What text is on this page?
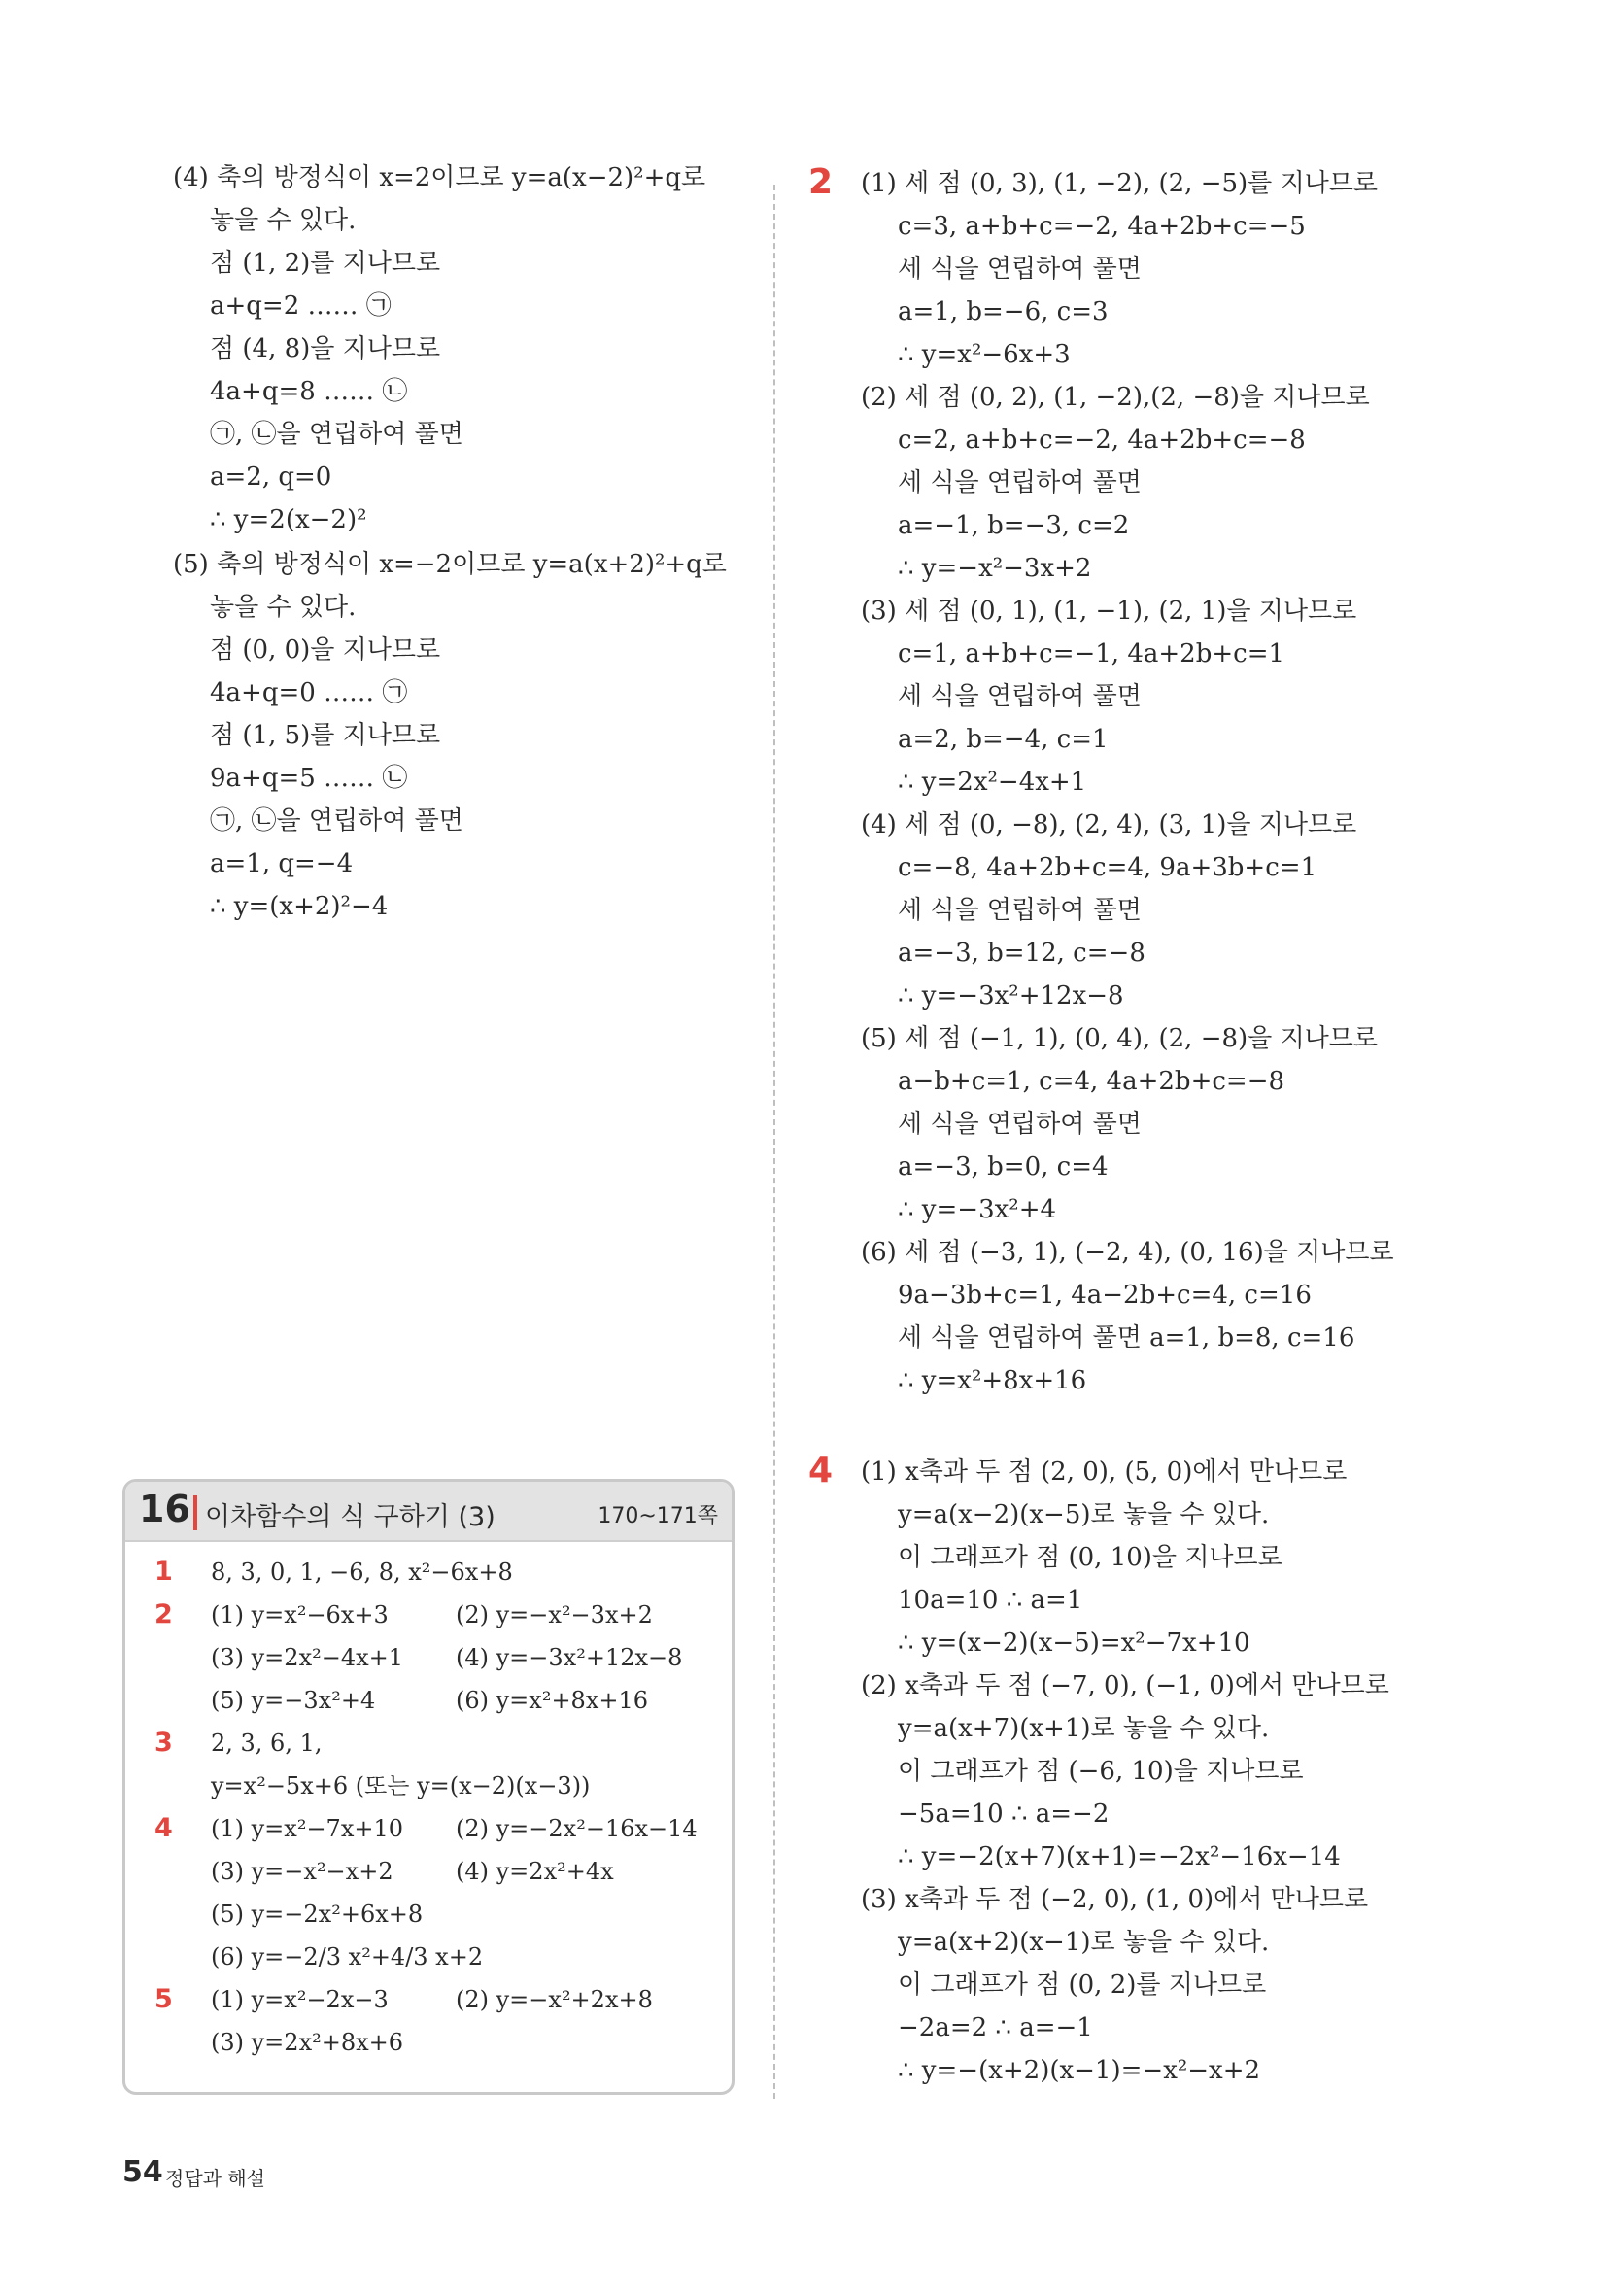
(4) 축의 방정식이 x=2이므로 y=a(x−2)²+q로
놓을 수 있다.
점 (1, 2)를 지나므로
a+q=2 …… ㉠
점 (4, 8)을 지나므로
4a+q=8 …… ㉡
㉠, ㉡을 연립하여 풀면
a=2, q=0
∴ y=2(x−2)²
(5) 축의 방정식이 x=−2이므로 y=a(x+2)²+q로
놓을 수 있다.
점 (0, 0)을 지나므로
4a+q=0 …… ㉠
점 (1, 5)를 지나므로
9a+q=5 …… ㉡
㉠, ㉡을 연립하여 풀면
a=1, q=−4
∴ y=(x+2)²−4
16 이차함수의 식 구하기 (3)	170~171쪽
1 8, 3, 0, 1, −6, 8, x²−6x+8
2 (1) y=x²−6x+3	(2) y=−x²−3x+2
(3) y=2x²−4x+1 (4) y=−3x²+12x−8
(5) y=−3x²+4	(6) y=x²+8x+16
3 2, 3, 6, 1,
y=x²−5x+6 (또는 y=(x−2)(x−3))
4 (1) y=x²−7x+10 (2) y=−2x²−16x−14
(3) y=−x²−x+2	(4) y=2x²+4x
(5) y=−2x²+6x+8
(6) y=−2/3 x²+4/3 x+2
5 (1) y=x²−2x−3	(2) y=−x²+2x+8
(3) y=2x²+8x+6
2 (1) 세 점 (0, 3), (1, −2), (2, −5)를 지나므로
c=3, a+b+c=−2, 4a+2b+c=−5
세 식을 연립하여 풀면
a=1, b=−6, c=3
∴ y=x²−6x+3
(2) 세 점 (0, 2), (1, −2),(2, −8)을 지나므로
c=2, a+b+c=−2, 4a+2b+c=−8
세 식을 연립하여 풀면
a=−1, b=−3, c=2
∴ y=−x²−3x+2
(3) 세 점 (0, 1), (1, −1), (2, 1)을 지나므로
c=1, a+b+c=−1, 4a+2b+c=1
세 식을 연립하여 풀면
a=2, b=−4, c=1
∴ y=2x²−4x+1
(4) 세 점 (0, −8), (2, 4), (3, 1)을 지나므로
c=−8, 4a+2b+c=4, 9a+3b+c=1
세 식을 연립하여 풀면
a=−3, b=12, c=−8
∴ y=−3x²+12x−8
(5) 세 점 (−1, 1), (0, 4), (2, −8)을 지나므로
a−b+c=1, c=4, 4a+2b+c=−8
세 식을 연립하여 풀면
a=−3, b=0, c=4
∴ y=−3x²+4
(6) 세 점 (−3, 1), (−2, 4), (0, 16)을 지나므로
9a−3b+c=1, 4a−2b+c=4, c=16
세 식을 연립하여 풀면 a=1, b=8, c=16
∴ y=x²+8x+16
4 (1) x축과 두 점 (2, 0), (5, 0)에서 만나므로
y=a(x−2)(x−5)로 놓을 수 있다.
이 그래프가 점 (0, 10)을 지나므로
10a=10 ∴ a=1
∴ y=(x−2)(x−5)=x²−7x+10
(2) x축과 두 점 (−7, 0), (−1, 0)에서 만나므로
y=a(x+7)(x+1)로 놓을 수 있다.
이 그래프가 점 (−6, 10)을 지나므로
−5a=10 ∴ a=−2
∴ y=−2(x+7)(x+1)=−2x²−16x−14
(3) x축과 두 점 (−2, 0), (1, 0)에서 만나므로
y=a(x+2)(x−1)로 놓을 수 있다.
이 그래프가 점 (0, 2)를 지나므로
−2a=2 ∴ a=−1
∴ y=−(x+2)(x−1)=−x²−x+2
54 정답과 해설
